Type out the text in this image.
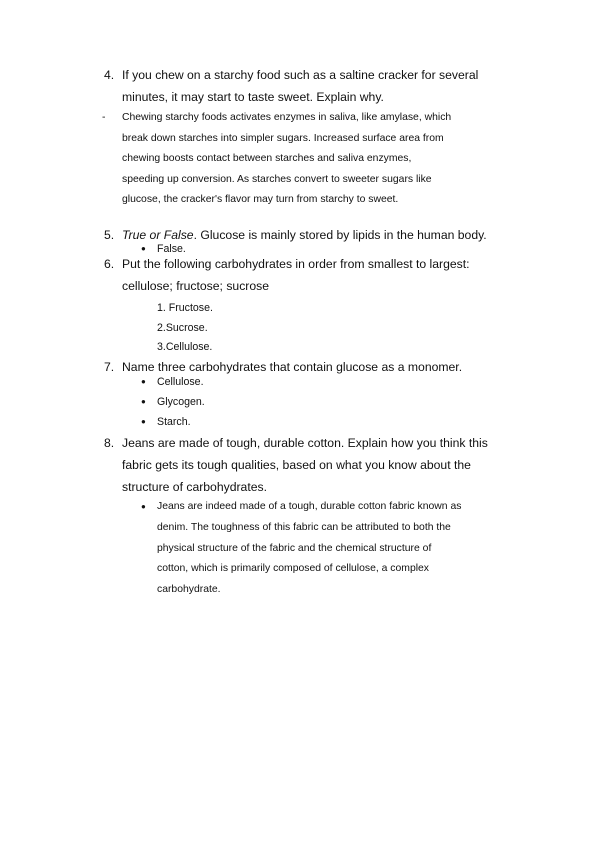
4. If you chew on a starchy food such as a saltine cracker for several
minutes, it may start to taste sweet. Explain why.
- Chewing starchy foods activates enzymes in saliva, like amylase, which
break down starches into simpler sugars. Increased surface area from
chewing boosts contact between starches and saliva enzymes,
speeding up conversion. As starches convert to sweeter sugars like
glucose, the cracker's flavor may turn from starchy to sweet.
5. True or False. Glucose is mainly stored by lipids in the human body.
● False.
6. Put the following carbohydrates in order from smallest to largest:
cellulose; fructose; sucrose
1. Fructose.
2.Sucrose.
3.Cellulose.
7. Name three carbohydrates that contain glucose as a monomer.
● Cellulose.
● Glycogen.
● Starch.
8. Jeans are made of tough, durable cotton. Explain how you think this
fabric gets its tough qualities, based on what you know about the
structure of carbohydrates.
● Jeans are indeed made of a tough, durable cotton fabric known as
denim. The toughness of this fabric can be attributed to both the
physical structure of the fabric and the chemical structure of
cotton, which is primarily composed of cellulose, a complex
carbohydrate.
